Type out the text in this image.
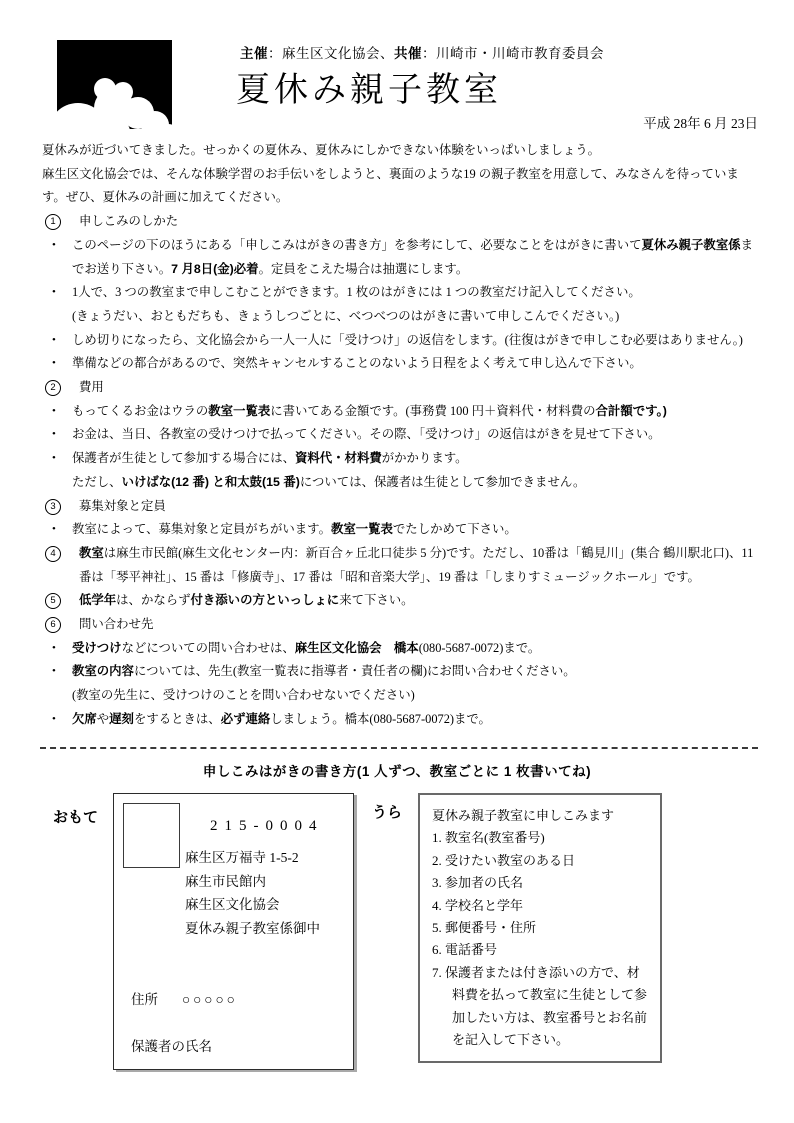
主催：麻生区文化協会、共催：川崎市・川崎市教育委員会
夏休み親子教室
平成 28年 6 月 23日
夏休みが近づいてきました。せっかくの夏休み、夏休みにしかできない体験をいっぱいしましょう。
麻生区文化協会では、そんな体験学習のお手伝いをしようと、裏面のような19 の親子教室を用意して、みなさんを待っています。ぜひ、夏休みの計画に加えてください。
1	申しこみのしかた
• このページの下のほうにある「申しこみはがきの書き方」を参考にして、必要なことをはがきに書いて夏休み親子教室係までお送り下さい。7 月8日(金)必着。定員をこえた場合は抽選にします。
• 1人で、3 つの教室まで申しこむことができます。1 枚のはがきには 1 つの教室だけ記入してください。
(きょうだい、おともだちも、きょうしつごとに、べつべつのはがきに書いて申しこんでください。)
• しめ切りになったら、文化協会から一人一人に「受けつけ」の返信をします。(往復はがきで申しこむ必要はありません。)
• 準備などの都合があるので、突然キャンセルすることのないよう日程をよく考えて申し込んで下さい。
2	費用
• もってくるお金はウラの教室一覧表に書いてある金額です。(事務費 100 円＋資料代・材料費の合計額です。)
• お金は、当日、各教室の受けつけで払ってください。その際、「受けつけ」の返信はがきを見せて下さい。
• 保護者が生徒として参加する場合には、資料代・材料費がかかります。
ただし、いけばな(12 番) と和太鼓(15 番)については、保護者は生徒として参加できません。
3	募集対象と定員
• 教室によって、募集対象と定員がちがいます。教室一覧表でたしかめて下さい。
4	教室は麻生市民館(麻生文化センター内：新百合ヶ丘北口徒歩 5 分)です。ただし、10番は「鶴見川」(集合 鶴川駅北口)、11 番は「琴平神社」、15 番は「修廣寺」、17 番は「昭和音楽大学」、19 番は「しまりすミュージックホール」です。
5	低学年は、かならず付き添いの方といっしょに来て下さい。
6	問い合わせ先
• 受けつけなどについての問い合わせは、麻生区文化協会　橋本(080-5687-0072)まで。
• 教室の内容については、先生(教室一覧表に指導者・責任者の欄)にお問い合わせください。
(教室の先生に、受けつけのことを問い合わせないでください)
• 欠席や遅刻をするときは、必ず連絡しましょう。橋本(080-5687-0072)まで。
申しこみはがきの書き方(1 人ずつ、教室ごとに 1 枚書いてね)
おもて	215-0004
麻生区万福寺 1-5-2
麻生市民館内
麻生区文化協会
夏休み親子教室係御中
住所 ○○○○○
保護者の氏名
うら 夏休み親子教室に申しこみます
1. 教室名(教室番号)
2. 受けたい教室のある日
3. 参加者の氏名
4. 学校名と学年
5. 郵便番号・住所
6. 電話番号
7. 保護者または付き添いの方で、材料費を払って教室に生徒として参加したい方は、教室番号とお名前を記入して下さい。
